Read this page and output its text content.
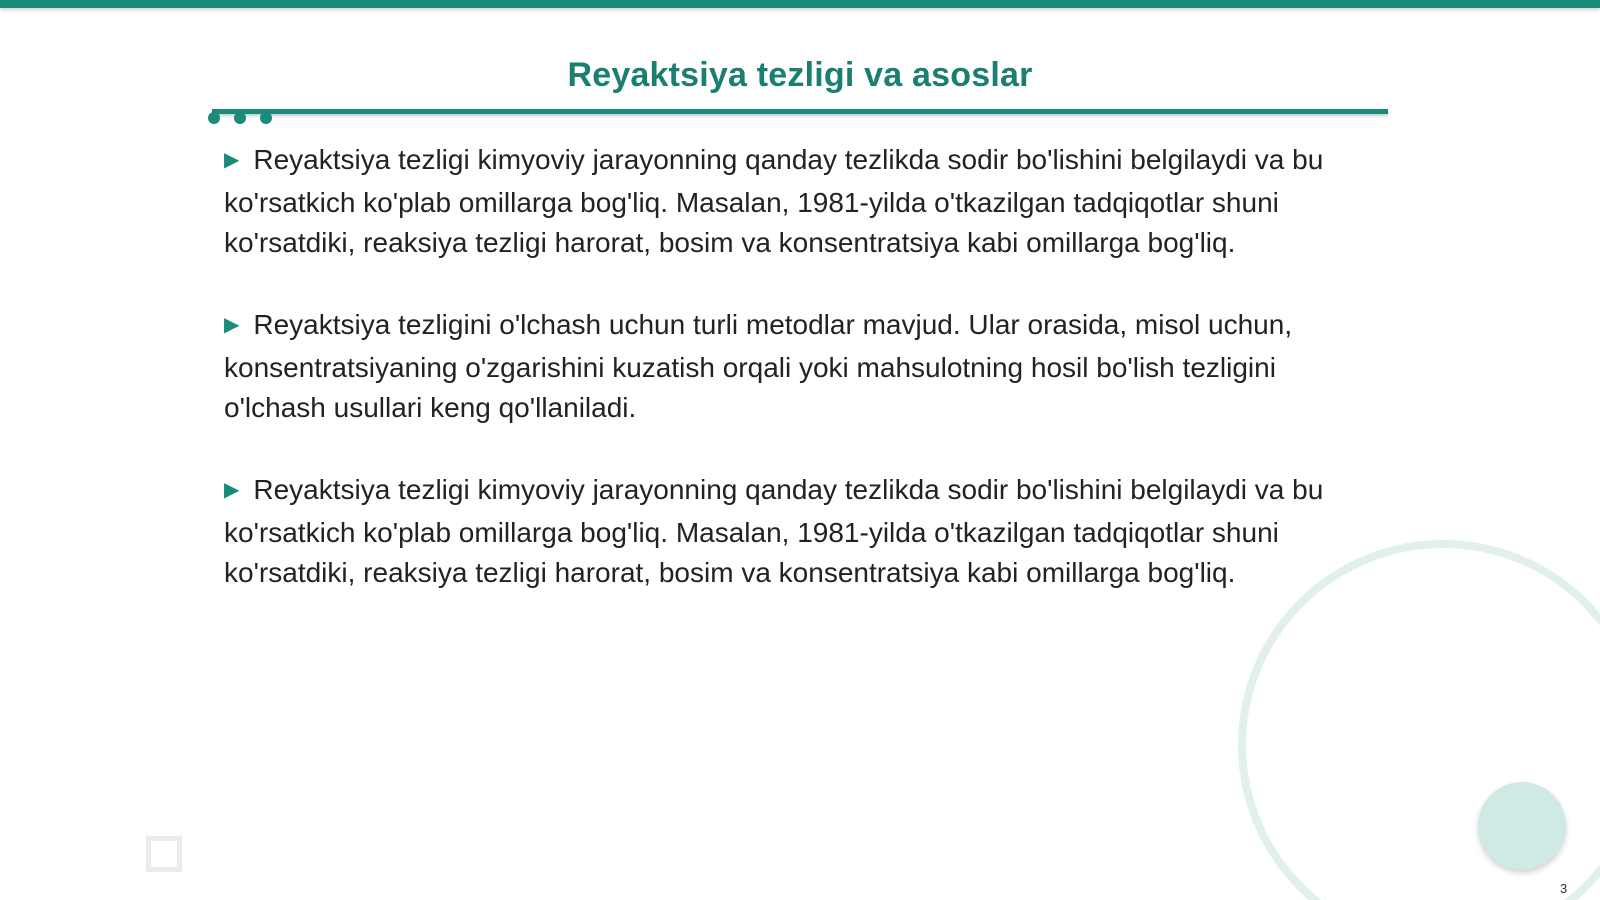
Reyaktsiya tezligi va asoslar

▶ Reyaktsiya tezligi kimyoviy jarayonning qanday tezlikda sodir bo'lishini belgilaydi va bu ko'rsatkich ko'plab omillarga bog'liq. Masalan, 1981-yilda o'tkazilgan tadqiqotlar shuni ko'rsatdiki, reaksiya tezligi harorat, bosim va konsentratsiya kabi omillarga bog'liq.

▶ Reyaktsiya tezligini o'lchash uchun turli metodlar mavjud. Ular orasida, misol uchun, konsentratsiyaning o'zgarishini kuzatish orqali yoki mahsulotning hosil bo'lish tezligini o'lchash usullari keng qo'llaniladi.

▶ Reyaktsiya tezligi kimyoviy jarayonning qanday tezlikda sodir bo'lishini belgilaydi va bu ko'rsatkich ko'plab omillarga bog'liq. Masalan, 1981-yilda o'tkazilgan tadqiqotlar shuni ko'rsatdiki, reaksiya tezligi harorat, bosim va konsentratsiya kabi omillarga bog'liq.

3
